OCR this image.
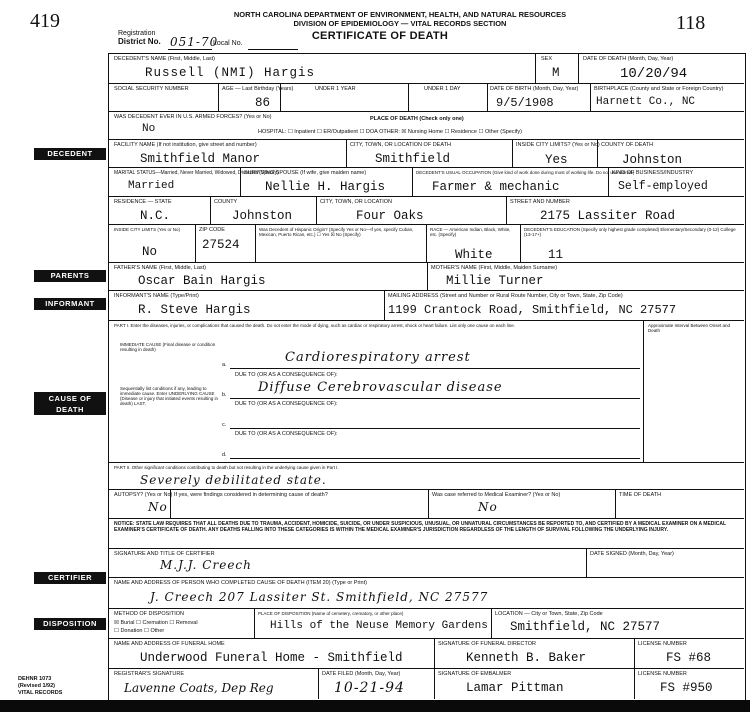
419	118
NORTH CAROLINA DEPARTMENT OF ENVIRONMENT, HEALTH, AND NATURAL RESOURCES
DIVISION OF EPIDEMIOLOGY — VITAL RECORDS SECTION
CERTIFICATE OF DEATH
Registration
District No. 051-70
Local No.
DECEDENT
PARENTS
INFORMANT
CAUSE OF DEATH
CERTIFIER
DISPOSITION
DECEDENT'S NAME (First, Middle, Last)
Russell (NMI) Hargis
SEX
M
DATE OF DEATH (Month, Day, Year)
10/20/94
SOCIAL SECURITY NUMBER	AGE — Last Birthday (Years)
86
UNDER 1 YEAR	UNDER 1 DAY	DATE OF BIRTH (Month, Day, Year)
9/5/1908
BIRTHPLACE (County and State or Foreign Country)
Harnett Co., NC
WAS DECEDENT EVER IN U.S. ARMED FORCES? (Yes or No)
No
PLACE OF DEATH (Check only one)
HOSPITAL: ☐ Inpatient ☐ ER/Outpatient ☐ DOA OTHER: ☒ Nursing Home ☐ Residence ☐ Other (Specify)
FACILITY NAME (If not institution, give street and number)
Smithfield Manor
CITY, TOWN, OR LOCATION OF DEATH
Smithfield
INSIDE CITY LIMITS? (Yes or No)
Yes
COUNTY OF DEATH
Johnston
MARITAL STATUS—Married, Never Married, Widowed, Divorced (Specify)
Married
SURVIVING SPOUSE (If wife, give maiden name)
Nellie H. Hargis
DECEDENT'S USUAL OCCUPATION (Give kind of work done during most of working life. Do not use retired.)
Farmer & mechanic
KIND OF BUSINESS/INDUSTRY
Self-employed
RESIDENCE — STATE
N.C.
COUNTY
Johnston
CITY, TOWN, OR LOCATION
Four Oaks
STREET AND NUMBER
2175 Lassiter Road
INSIDE CITY LIMITS (Yes or No)
No
ZIP CODE
27524
Was Decedent of Hispanic Origin? (Specify Yes or No—If yes, specify Cuban, Mexican, Puerto Rican, etc.) ☐ Yes ☒ No (Specify)
RACE — American Indian, Black, White, etc. (Specify)
White
DECEDENT'S EDUCATION (Specify only highest grade completed) Elementary/Secondary (0-12) College (13-17+)
11
FATHER'S NAME (First, Middle, Last)
Oscar Bain Hargis
MOTHER'S NAME (First, Middle, Maiden Surname)
Millie Turner
INFORMANT'S NAME (Type/Print)
R. Steve Hargis
MAILING ADDRESS (Street and Number or Rural Route Number, City or Town, State, Zip Code)
1199 Crantock Road, Smithfield, NC 27577
PART I. Enter the diseases, injuries, or complications that caused the death. Do not enter the mode of dying, such as cardiac or respiratory arrest, shock or heart failure. List only one cause on each line.	Approximate Interval Between Onset and Death
IMMEDIATE CAUSE (Final disease or condition resulting in death)
Sequentially list conditions if any, leading to immediate cause. Enter UNDERLYING CAUSE (Disease or injury that initiated events resulting in death) LAST.
a.	Cardiorespiratory arrest
DUE TO (OR AS A CONSEQUENCE OF):
b. Diffuse Cerebrovascular disease
DUE TO (OR AS A CONSEQUENCE OF):
c.
DUE TO (OR AS A CONSEQUENCE OF):
d.
PART II. Other significant conditions contributing to death but not resulting in the underlying cause given in Part I.
Severely debilitated state.
AUTOPSY? (Yes or No)
No
If yes, were findings considered in determining cause of death?	Was case referred to Medical Examiner? (Yes or No)
No
TIME OF DEATH
NOTICE: STATE LAW REQUIRES THAT ALL DEATHS DUE TO TRAUMA, ACCIDENT, HOMICIDE, SUICIDE, OR UNDER SUSPICIOUS, UNUSUAL, OR UNNATURAL CIRCUMSTANCES BE REPORTED TO, AND CERTIFIED BY A MEDICAL EXAMINER ON A MEDICAL EXAMINER'S CERTIFICATE OF DEATH. ANY DEATHS FALLING INTO THESE CATEGORIES IS WITHIN THE MEDICAL EXAMINER'S JURISDICTION REGARDLESS OF THE LENGTH OF SURVIVAL FOLLOWING THE UNDERLYING INJURY.
SIGNATURE AND TITLE OF CERTIFIER
M.J.J. Creech
DATE SIGNED (Month, Day, Year)
NAME AND ADDRESS OF PERSON WHO COMPLETED CAUSE OF DEATH (ITEM 20) (Type or Print)
J. Creech 207 Lassiter St. Smithfield, NC 27577
METHOD OF DISPOSITION
☒ Burial ☐ Cremation ☐ Removal
☐ Donation ☐ Other
PLACE OF DISPOSITION (Name of cemetery, crematory, or other place)
Hills of the Neuse Memory Gardens
LOCATION — City or Town, State, Zip Code
Smithfield, NC 27577
NAME AND ADDRESS OF FUNERAL HOME
Underwood Funeral Home - Smithfield
SIGNATURE OF FUNERAL DIRECTOR
Kenneth B. Baker
LICENSE NUMBER
FS #68
REGISTRAR'S SIGNATURE
Lavenne Coats, Dep Reg
DATE FILED (Month, Day, Year)
10-21-94
SIGNATURE OF EMBALMER
Lamar Pittman
LICENSE NUMBER
FS #950
DEHNR 1073
(Revised 1/92)
VITAL RECORDS
